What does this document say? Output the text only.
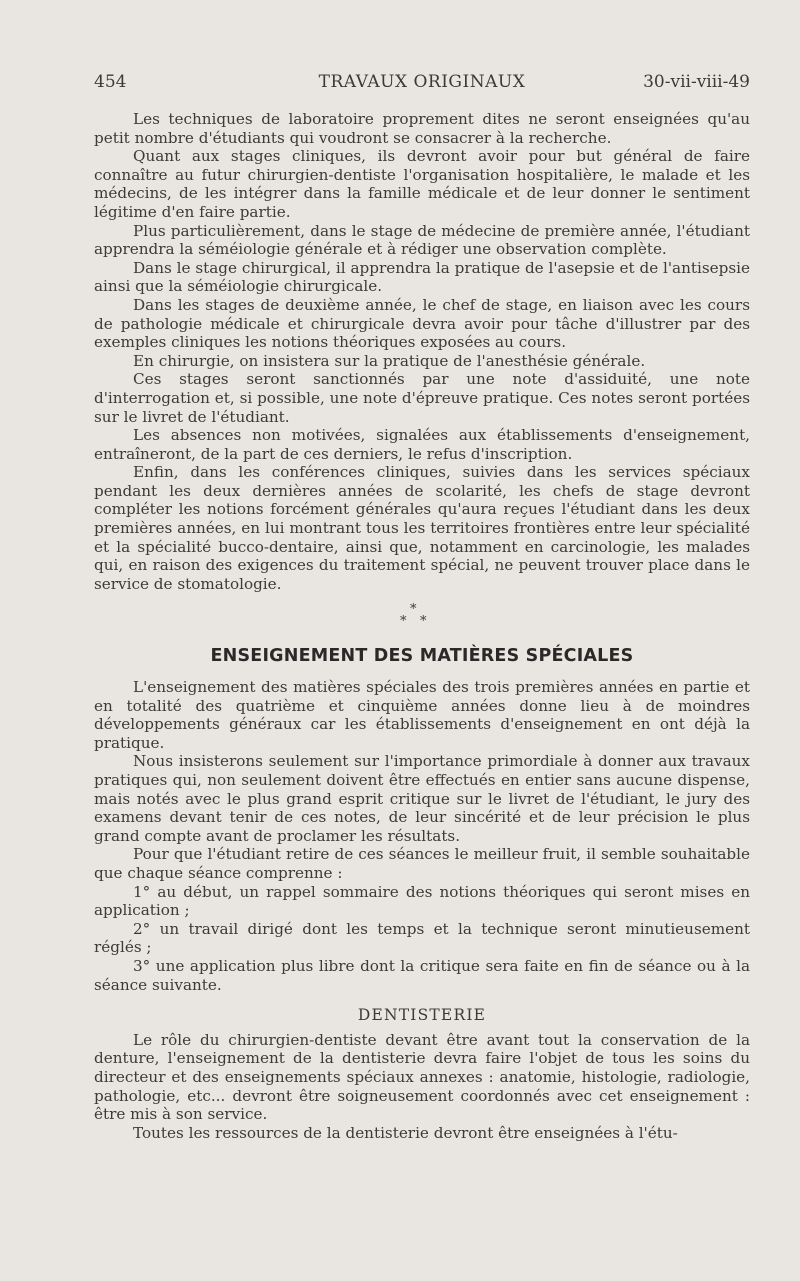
454	TRAVAUX ORIGINAUX	30-vii-viii-49

Les techniques de laboratoire proprement dites ne seront enseignées qu'au petit nombre d'étudiants qui voudront se consacrer à la recherche.

Quant aux stages cliniques, ils devront avoir pour but général de faire connaître au futur chirurgien-dentiste l'organisation hospitalière, le malade et les médecins, de les intégrer dans la famille médicale et de leur donner le sentiment légitime d'en faire partie.

Plus particulièrement, dans le stage de médecine de première année, l'étudiant apprendra la séméiologie générale et à rédiger une observation complète.

Dans le stage chirurgical, il apprendra la pratique de l'asepsie et de l'antisepsie ainsi que la séméiologie chirurgicale.

Dans les stages de deuxième année, le chef de stage, en liaison avec les cours de pathologie médicale et chirurgicale devra avoir pour tâche d'illustrer par des exemples cliniques les notions théoriques exposées au cours.

En chirurgie, on insistera sur la pratique de l'anesthésie générale.

Ces stages seront sanctionnés par une note d'assiduité, une note d'interrogation et, si possible, une note d'épreuve pratique. Ces notes seront portées sur le livret de l'étudiant.

Les absences non motivées, signalées aux établissements d'enseignement, entraîneront, de la part de ces derniers, le refus d'inscription.

Enfin, dans les conférences cliniques, suivies dans les services spéciaux pendant les deux dernières années de scolarité, les chefs de stage devront compléter les notions forcément générales qu'aura reçues l'étudiant dans les deux premières années, en lui montrant tous les territoires frontières entre leur spécialité et la spécialité bucco-dentaire, ainsi que, notamment en carcinologie, les malades qui, en raison des exigences du traitement spécial, ne peuvent trouver place dans le service de stomatologie.

*
* *
ENSEIGNEMENT DES MATIÈRES SPÉCIALES

L'enseignement des matières spéciales des trois premières années en partie et en totalité des quatrième et cinquième années donne lieu à de moindres développements généraux car les établissements d'enseignement en ont déjà la pratique.

Nous insisterons seulement sur l'importance primordiale à donner aux travaux pratiques qui, non seulement doivent être effectués en entier sans aucune dispense, mais notés avec le plus grand esprit critique sur le livret de l'étudiant, le jury des examens devant tenir de ces notes, de leur sincérité et de leur précision le plus grand compte avant de proclamer les résultats.

Pour que l'étudiant retire de ces séances le meilleur fruit, il semble souhaitable que chaque séance comprenne :

1° au début, un rappel sommaire des notions théoriques qui seront mises en application ;

2° un travail dirigé dont les temps et la technique seront minutieusement réglés ;

3° une application plus libre dont la critique sera faite en fin de séance ou à la séance suivante.

DENTISTERIE

Le rôle du chirurgien-dentiste devant être avant tout la conservation de la denture, l'enseignement de la dentisterie devra faire l'objet de tous les soins du directeur et des enseignements spéciaux annexes : anatomie, histologie, radiologie, pathologie, etc... devront être soigneusement coordonnés avec cet enseignement : être mis à son service.

Toutes les ressources de la dentisterie devront être enseignées à l'étu-
